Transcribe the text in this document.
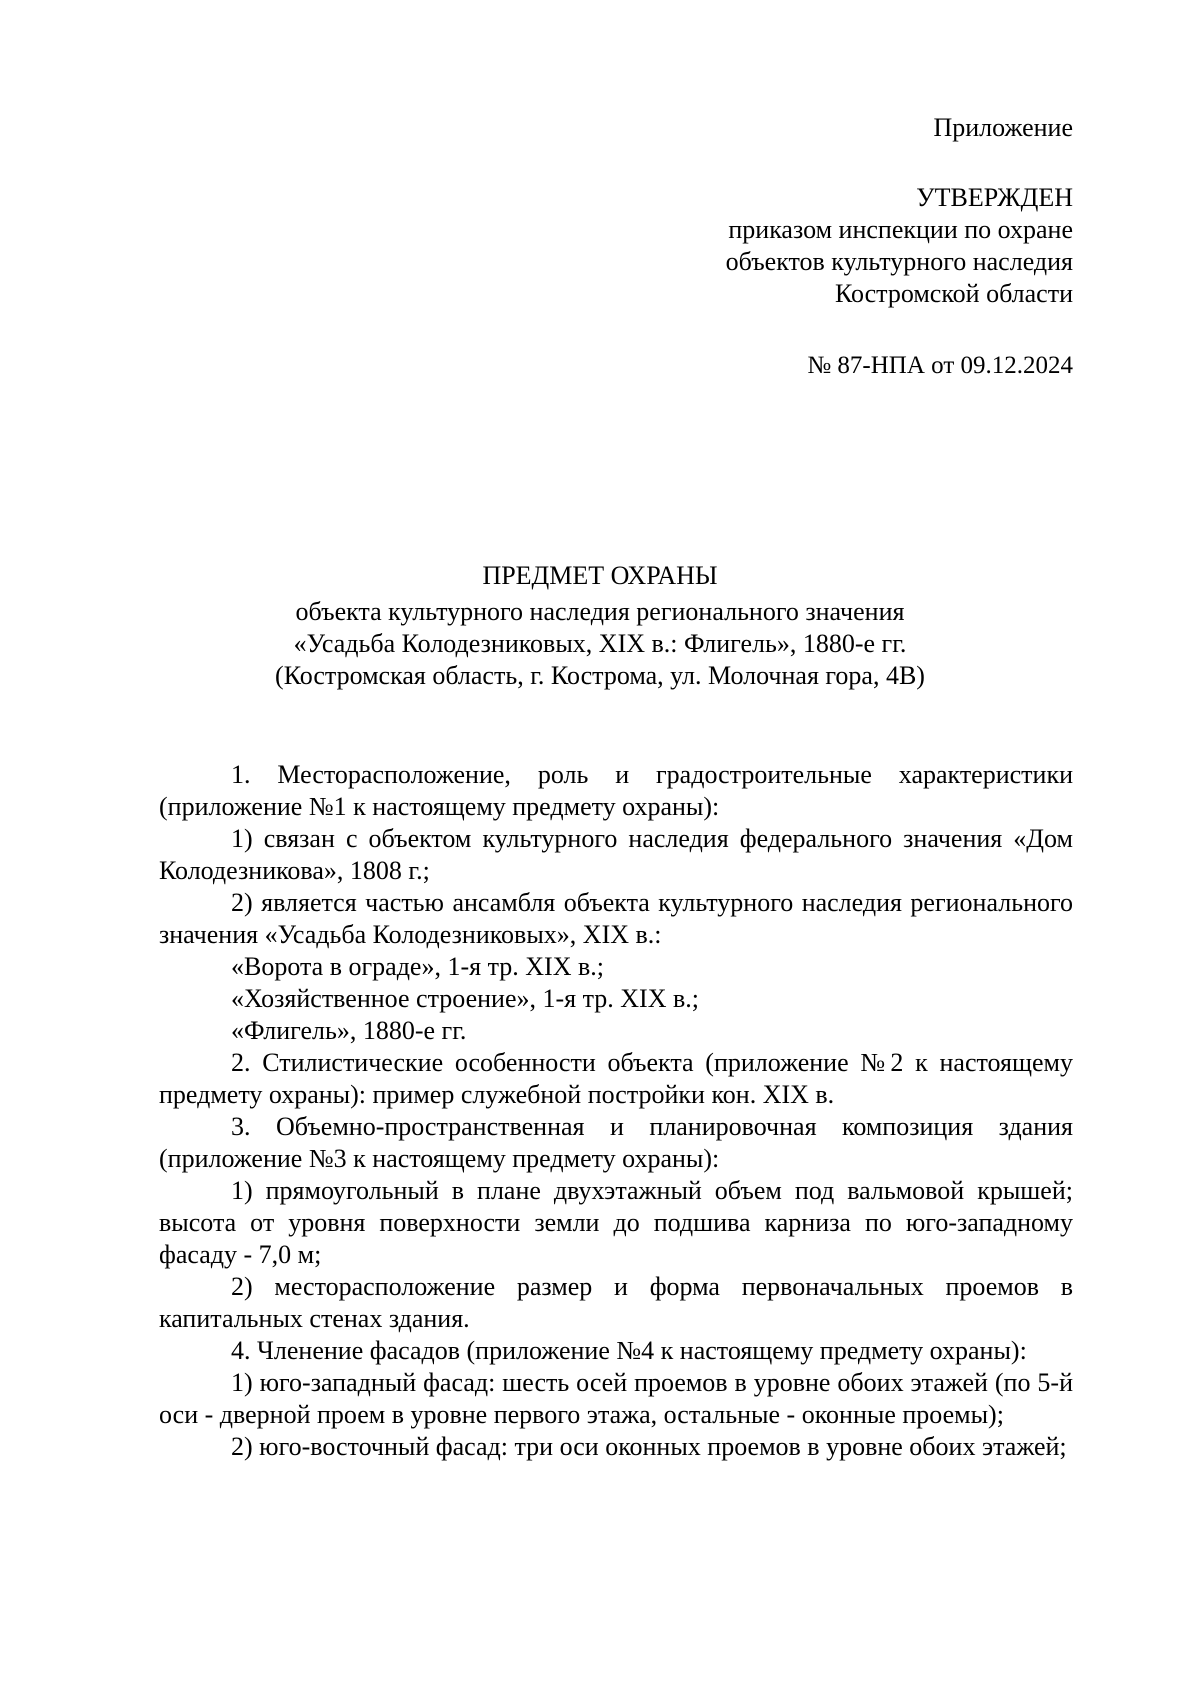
Приложение
УТВЕРЖДЕН
приказом инспекции по охране
объектов культурного наследия
Костромской области
№ 87-НПА от 09.12.2024
ПРЕДМЕТ ОХРАНЫ
объекта культурного наследия регионального значения
«Усадьба Колодезниковых, XIX в.: Флигель», 1880-е гг.
(Костромская область, г. Кострома, ул. Молочная гора, 4В)

1. Месторасположение, роль и градостроительные характеристики (приложение №1 к настоящему предмету охраны):

1) связан с объектом культурного наследия федерального значения «Дом Колодезникова», 1808 г.;

2) является частью ансамбля объекта культурного наследия регионального значения «Усадьба Колодезниковых», XIX в.:

«Ворота в ограде», 1-я тр. XIX в.;

«Хозяйственное строение», 1-я тр. XIX в.;

«Флигель», 1880-е гг.

2. Стилистические особенности объекта (приложение №2 к настоящему предмету охраны): пример служебной постройки кон. XIX в.

3. Объемно-пространственная и планировочная композиция здания (приложение №3 к настоящему предмету охраны):

1) прямоугольный в плане двухэтажный объем под вальмовой крышей; высота от уровня поверхности земли до подшива карниза по юго-западному фасаду - 7,0 м;

2) месторасположение размер и форма первоначальных проемов в капитальных стенах здания.

4. Членение фасадов (приложение №4 к настоящему предмету охраны):

1) юго-западный фасад: шесть осей проемов в уровне обоих этажей (по 5-й оси - дверной проем в уровне первого этажа, остальные - оконные проемы);

2) юго-восточный фасад: три оси оконных проемов в уровне обоих этажей;
